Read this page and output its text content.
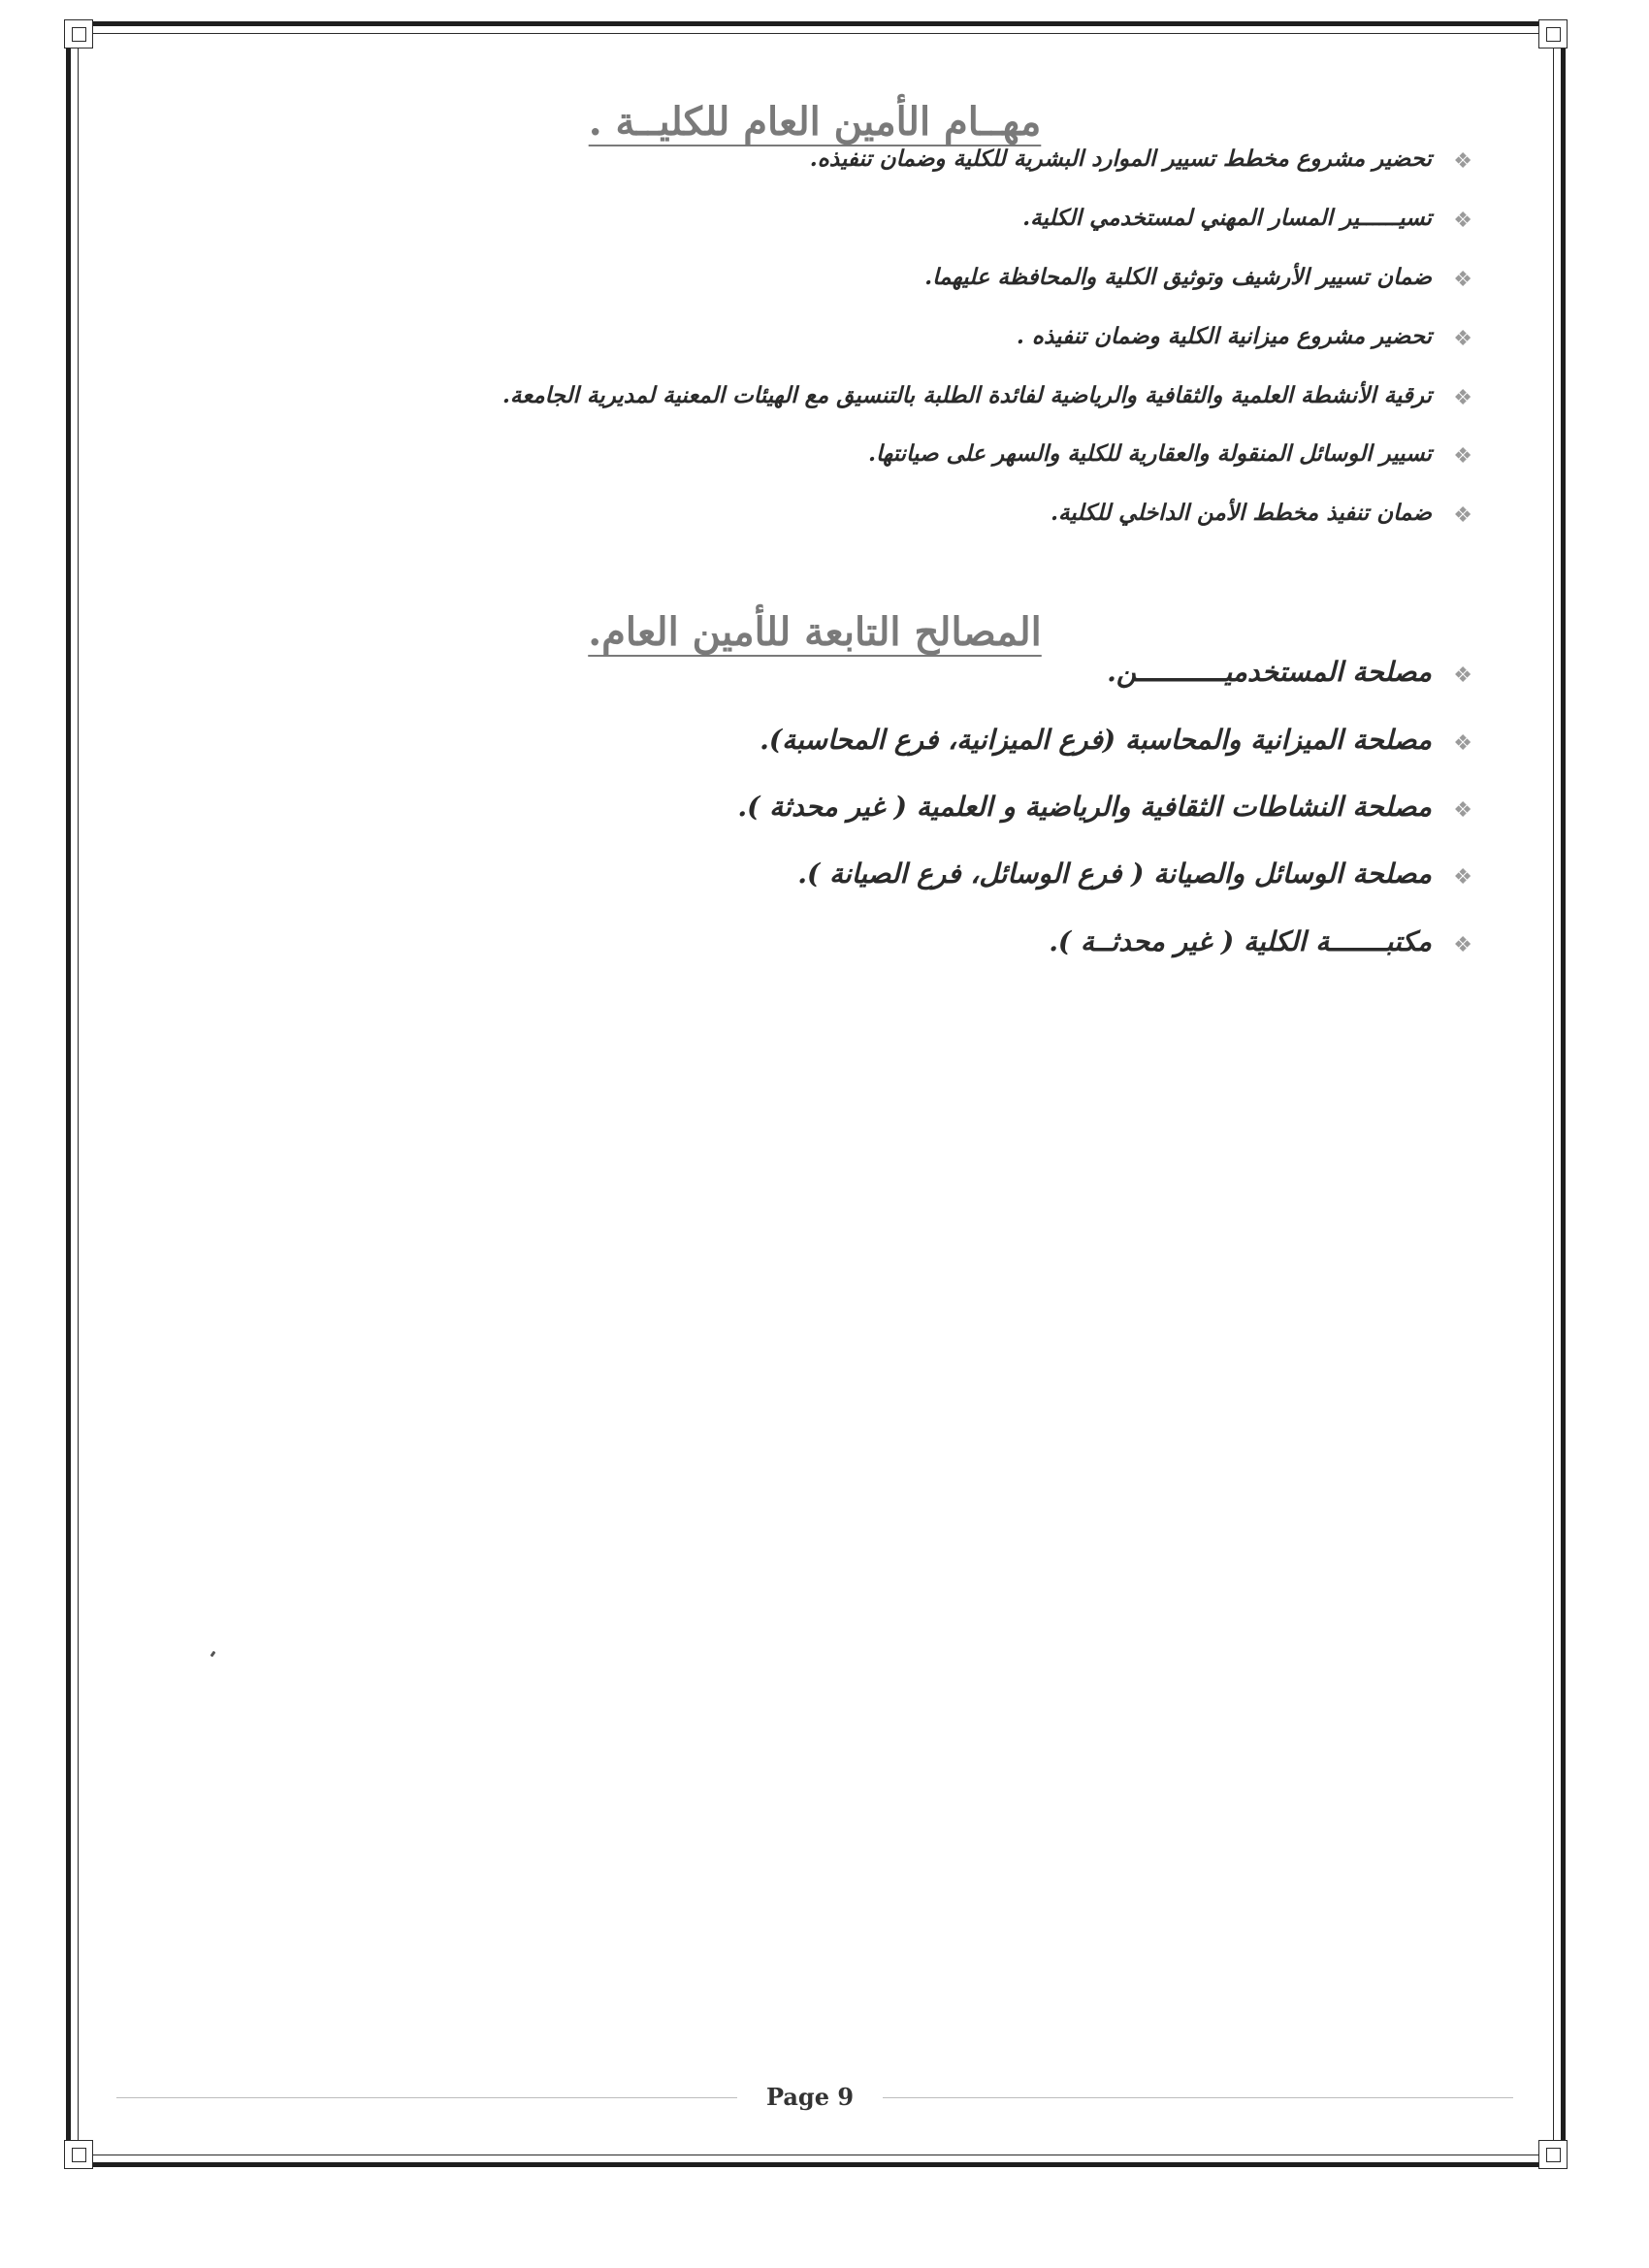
مهــام الأمين العام للكليــة .
❖
تحضير مشروع مخطط تسيير الموارد البشرية للكلية وضمان تنفيذه.
❖
تسيــــــير المسار المهني لمستخدمي الكلية.
❖
ضمان تسيير الأرشيف وتوثيق الكلية والمحافظة عليهما.
❖
تحضير مشروع ميزانية الكلية وضمان تنفيذه .
❖
ترقية الأنشطة العلمية والثقافية والرياضية لفائدة الطلبة بالتنسيق مع الهيئات المعنية لمديرية الجامعة.
❖
تسيير الوسائل المنقولة والعقارية للكلية والسهر على صيانتها.
❖
ضمان تنفيذ مخطط الأمن الداخلي للكلية.
المصالح التابعة للأمين العام.
❖
مصلحة المستخدميـــــــــــن.
❖
مصلحة الميزانية والمحاسبة (فرع الميزانية، فرع المحاسبة).
❖
مصلحة النشاطات الثقافية والرياضية و العلمية ( غير محدثة ).
❖
مصلحة الوسائل والصيانة ( فرع الوسائل، فرع الصيانة ).
❖
مكتبـــــــة الكلية ( غير محدثــة ).
Page 9
